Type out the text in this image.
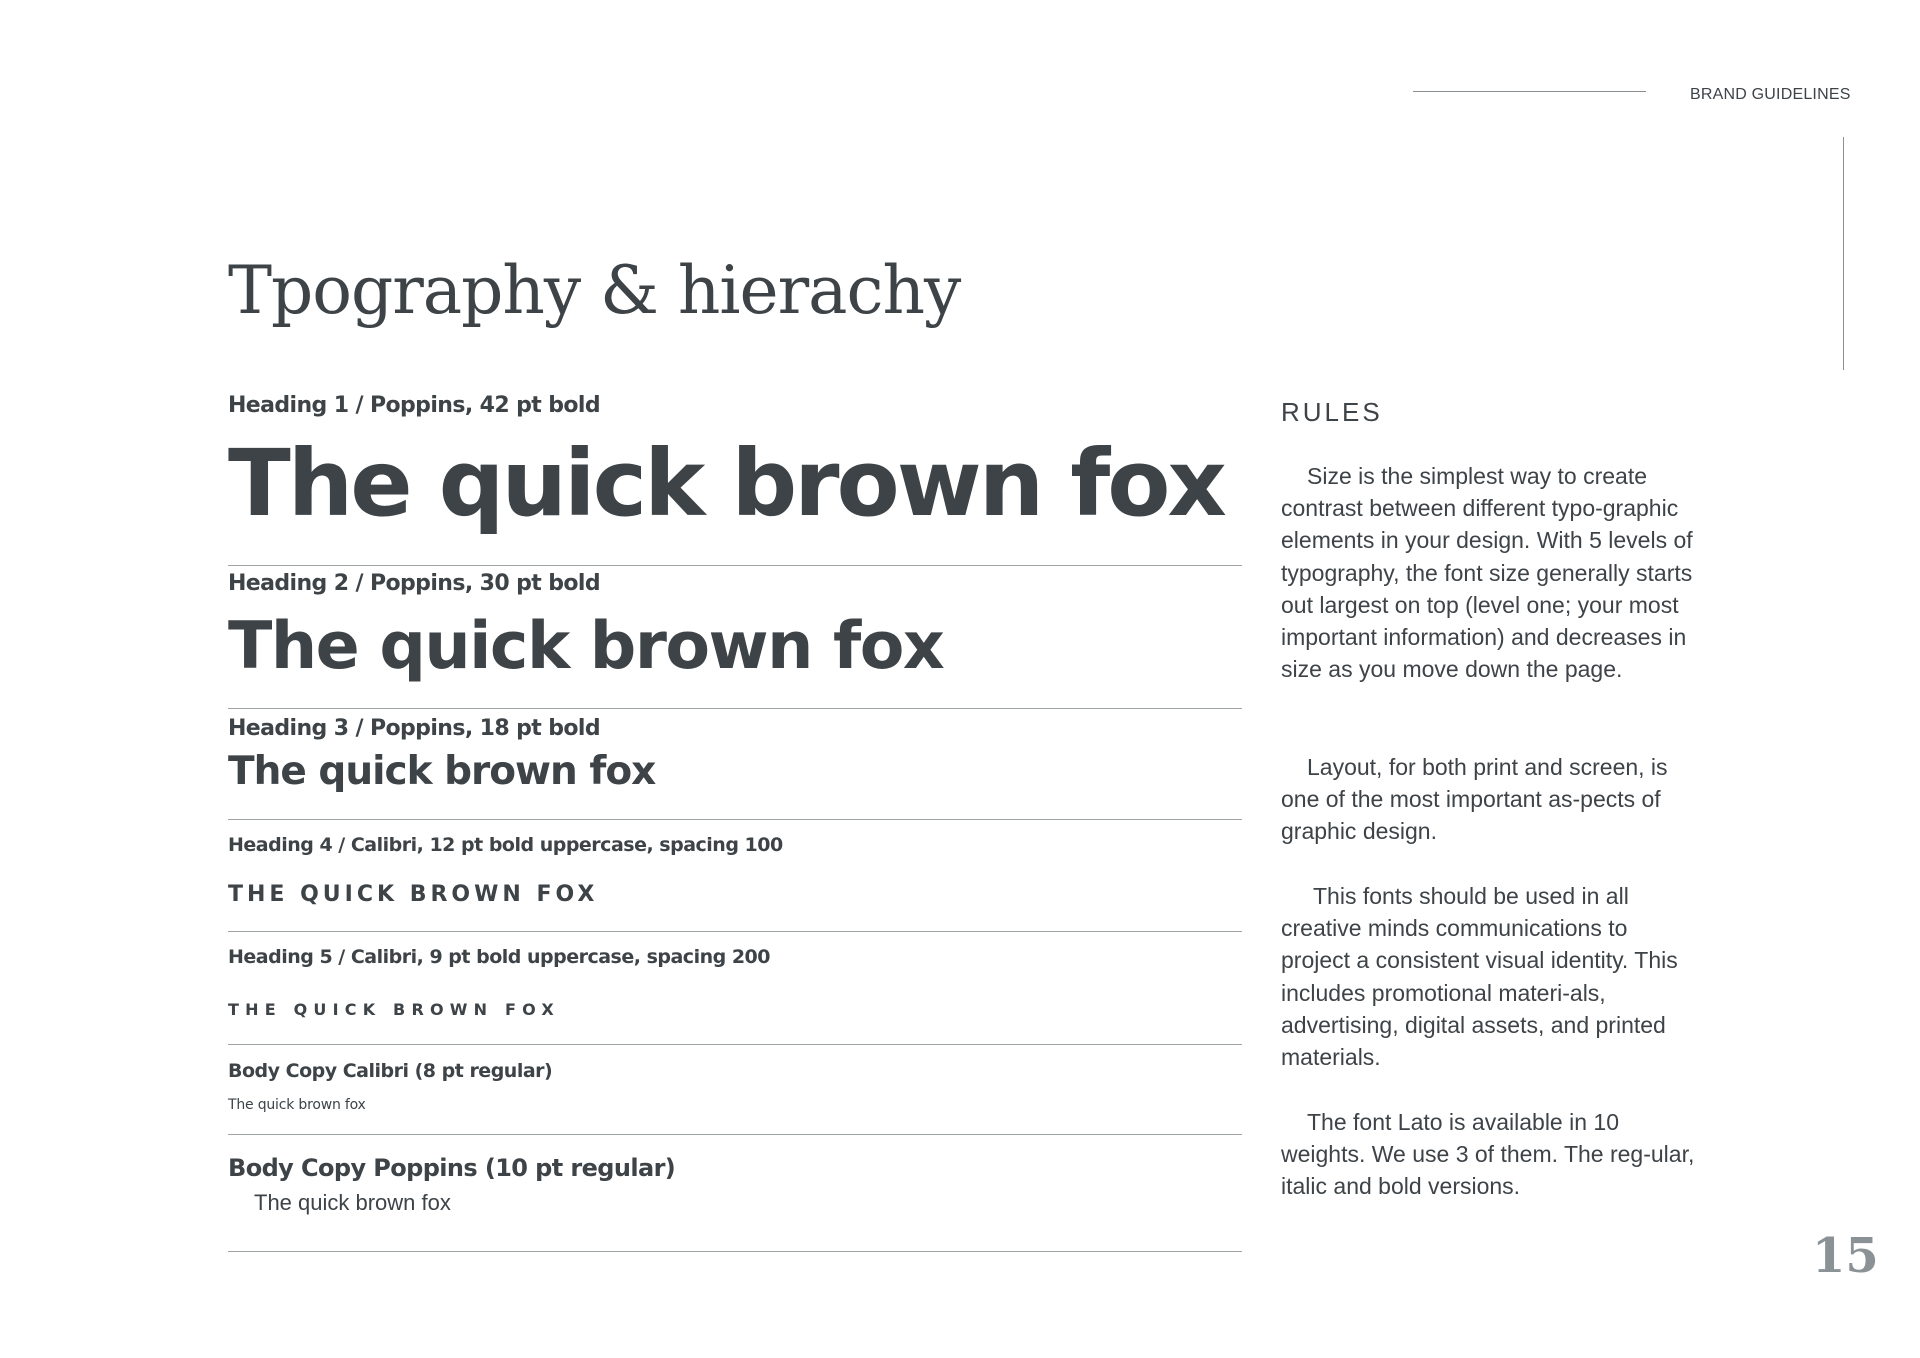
BRAND GUIDELINES
Tpography & hierachy
Heading 1 / Poppins, 42 pt bold
The quick brown fox
Heading 2 / Poppins, 30 pt bold
The quick brown fox
Heading 3 / Poppins, 18 pt bold
The quick brown fox
Heading 4 / Calibri, 12 pt bold uppercase, spacing 100
THE QUICK BROWN FOX
Heading 5 / Calibri, 9 pt bold uppercase, spacing 200
THE QUICK BROWN FOX
Body Copy Calibri (8 pt regular)
The quick brown fox
Body Copy Poppins (10 pt regular)
The quick brown fox
RULES

Size is the simplest way to create contrast between different typo-graphic elements in your design. With 5 levels of typography, the font size generally starts out largest on top (level one; your most important information) and decreases in size as you move down the page.

Layout, for both print and screen, is one of the most important as-pects of graphic design.

This fonts should be used in all creative minds communications to project a consistent visual identity. This includes promotional materi-als, advertising, digital assets, and printed materials.

The font Lato is available in 10 weights. We use 3 of them. The reg-ular, italic and bold versions.

15
